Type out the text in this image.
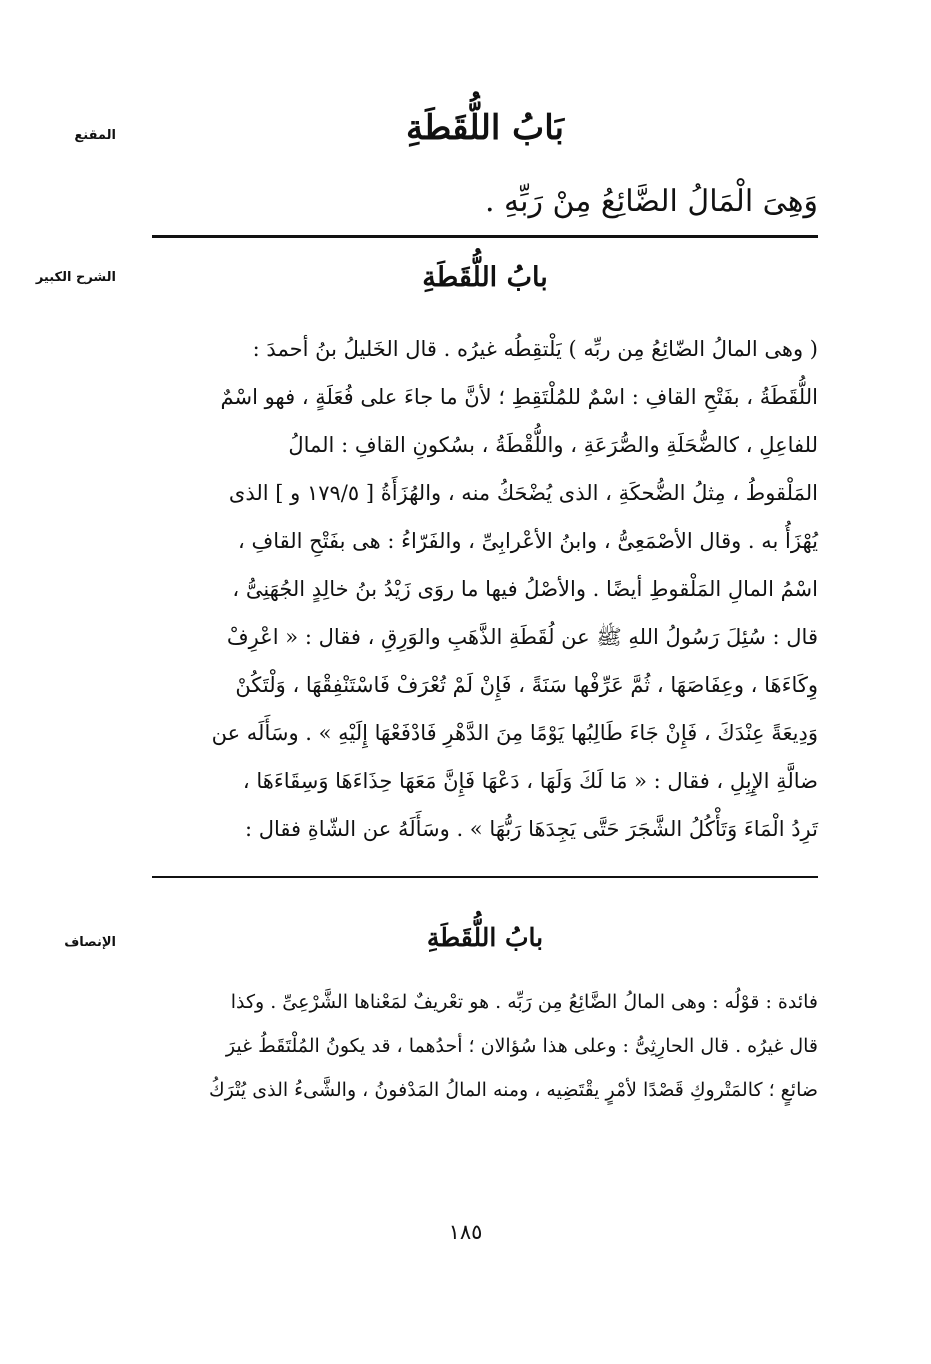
المقنع	بَابُ اللُّقَطَةِ
وَهِىَ الْمَالُ الضَّائِعُ مِنْ رَبِّهِ .
الشرح الكبير	بابُ اللُّقَطَةِ
( وهى المالُ الضّائِعُ مِن ربِّه ) يَلْتقِطُه غيرُه . قال الخَليلُ بنُ أحمدَ :
اللُّقَطَةُ ، بفَتْحِ القافِ : اسْمٌ للمُلْتَقِطِ ؛ لأنَّ ما جاءَ على فُعَلَةٍ ، فهو اسْمٌ
للفاعِلِ ، كالضُّحَلَةِ والصُّرَعَةِ ، واللُّقْطَةُ ، بسُكونِ القافِ : المالُ
المَلْقوطُ ، مِثلُ الضُّحكَةِ ، الذى يُضْحَكُ منه ، والهُزَأَةُ [ ١٧٩/٥ و ] الذى
يُهْزَأُ به . وقال الأصْمَعِىُّ ، وابنُ الأعْرابِىِّ ، والفَرّاءُ : هى بفَتْحِ القافِ ،
اسْمُ المالِ المَلْقوطِ أيضًا . والأصْلُ فيها ما روَى زَيْدُ بنُ خالِدٍ الجُهَنِىُّ ،
قال : سُئِلَ رَسُولُ اللهِ ﷺ عن لُقَطَةِ الذَّهَبِ والوَرِقِ ، فقال : « اعْرِفْ
وِكَاءَهَا ، وعِفَاصَهَا ، ثُمَّ عَرِّفْها سَنَةً ، فَإِنْ لَمْ تُعْرَفْ فَاسْتَنْفِقْهَا ، وَلْتَكُنْ
وَدِيعَةً عِنْدَكَ ، فَإِنْ جَاءَ طَالِبُها يَوْمًا مِنَ الدَّهْرِ فَادْفَعْهَا إِلَيْهِ » . وسَأَلَه عن
ضالَّةِ الإِبِلِ ، فقال : « مَا لَكَ وَلَهَا ، دَعْهَا فَإِنَّ مَعَهَا حِذَاءَهَا وَسِقَاءَهَا ،
تَرِدُ الْمَاءَ وَتَأْكُلُ الشَّجَرَ حَتَّى يَجِدَهَا رَبُّهَا » . وسَأَلَهُ عن الشّاةِ فقال :
الإنصاف	بابُ اللُّقَطَةِ
فائدة : قوْلُه : وهى المالُ الضَّائِعُ مِن رَبِّه . هو تعْريفٌ لمَعْناها الشَّرْعِىِّ . وكذا
قال غيرُه . قال الحارِثِىُّ : وعلى هذا سُؤالان ؛ أحدُهما ، قد يكونُ المُلْتَقَطُ غيرَ
ضائعٍ ؛ كالمَتْروكِ قَصْدًا لأمْرٍ يقْتَضِيه ، ومنه المالُ المَدْفونُ ، والشَّىءُ الذى يُتْرَكُ
١٨٥
